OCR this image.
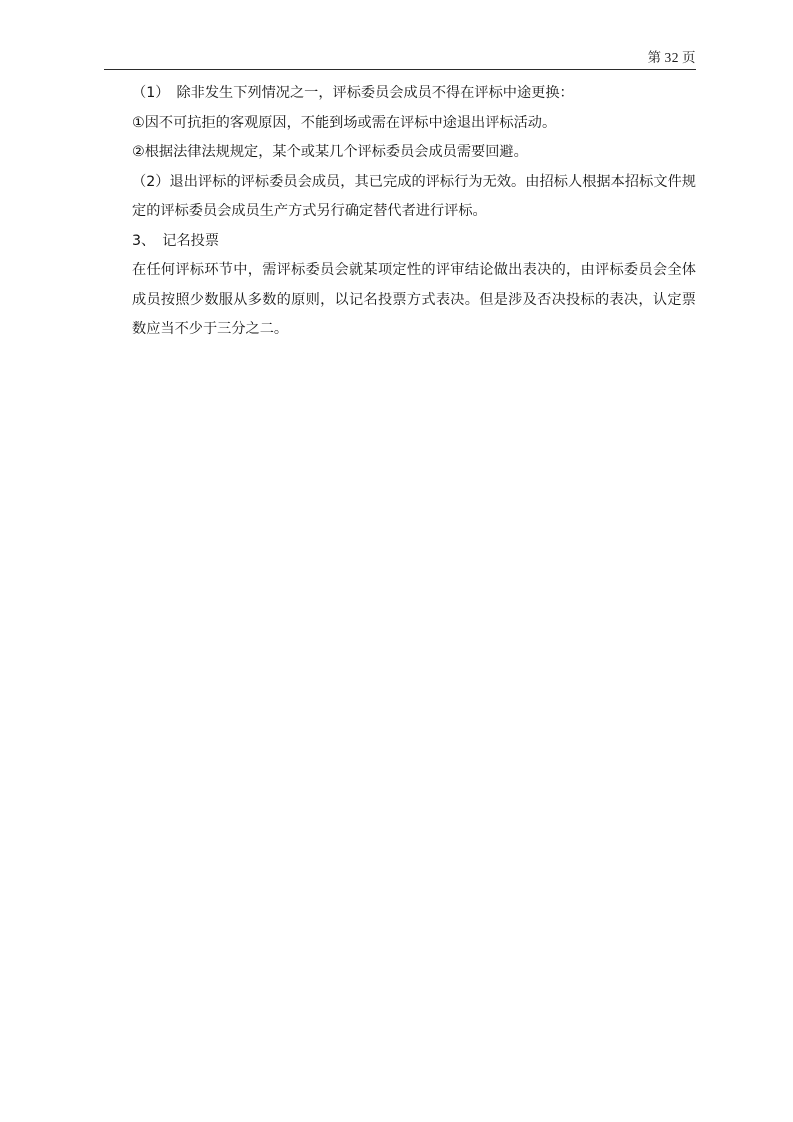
第 32 页

（1）　除非发生下列情况之一，评标委员会成员不得在评标中途更换：

①因不可抗拒的客观原因，不能到场或需在评标中途退出评标活动。

②根据法律法规规定，某个或某几个评标委员会成员需要回避。

（2）退出评标的评标委员会成员，其已完成的评标行为无效。由招标人根据本招标文件规定的评标委员会成员生产方式另行确定替代者进行评标。

3、　记名投票

在任何评标环节中，需评标委员会就某项定性的评审结论做出表决的，由评标委员会全体成员按照少数服从多数的原则，以记名投票方式表决。但是涉及否决投标的表决，认定票数应当不少于三分之二。
